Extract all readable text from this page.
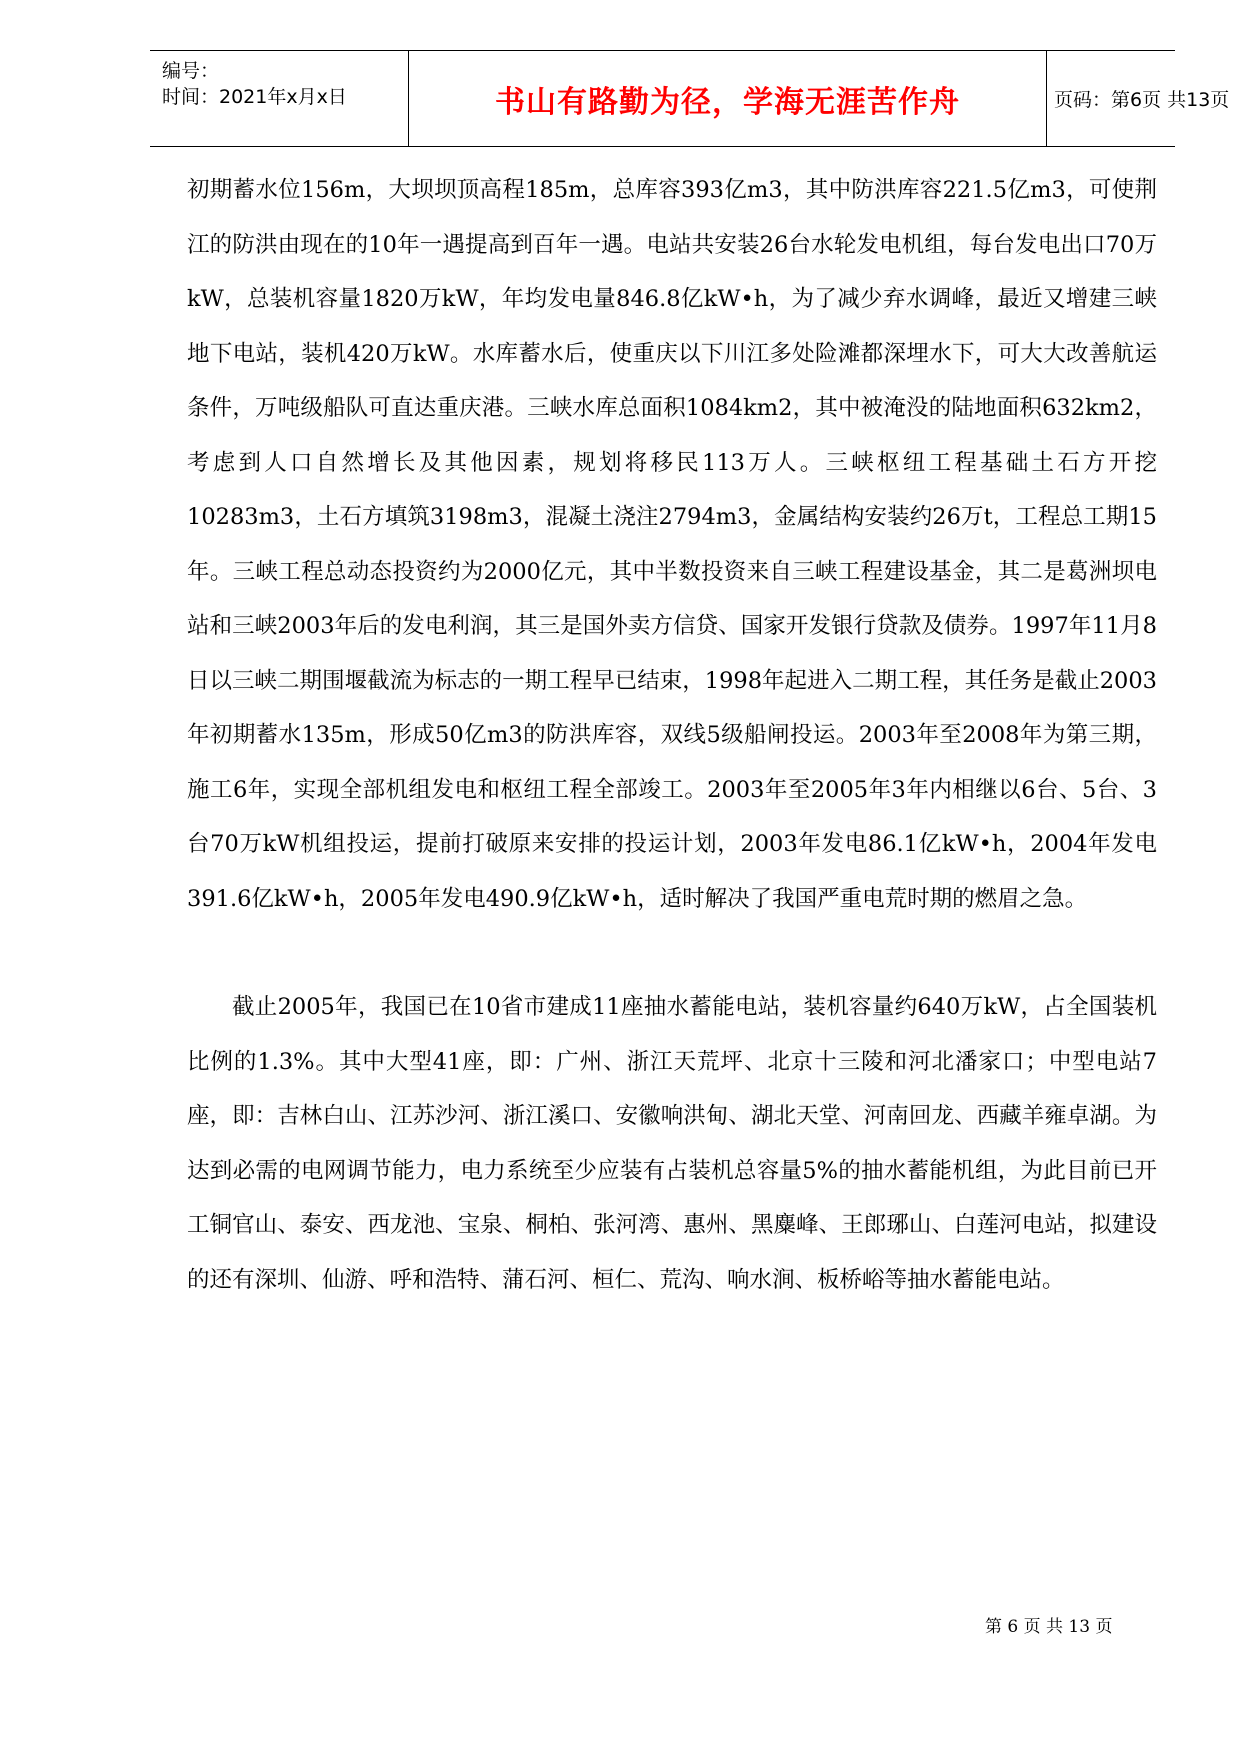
编号：
时间：2021年x月x日	书山有路勤为径，学海无涯苦作舟	页码：第6页 共13页

初期蓄水位156m，大坝坝顶高程185m，总库容393亿m3，其中防洪库容221.5亿m3，可使荆江的防洪由现在的10年一遇提高到百年一遇。电站共安装26台水轮发电机组，每台发电出口70万kW，总装机容量1820万kW，年均发电量846.8亿kW•h，为了减少弃水调峰，最近又增建三峡地下电站，装机420万kW。水库蓄水后，使重庆以下川江多处险滩都深埋水下，可大大改善航运条件，万吨级船队可直达重庆港。三峡水库总面积1084km2，其中被淹没的陆地面积632km2，考虑到人口自然增长及其他因素，规划将移民113万人。三峡枢纽工程基础土石方开挖10283m3，土石方填筑3198m3，混凝土浇注2794m3，金属结构安装约26万t，工程总工期15年。三峡工程总动态投资约为2000亿元，其中半数投资来自三峡工程建设基金，其二是葛洲坝电站和三峡2003年后的发电利润，其三是国外卖方信贷、国家开发银行贷款及债券。1997年11月8日以三峡二期围堰截流为标志的一期工程早已结束，1998年起进入二期工程，其任务是截止2003年初期蓄水135m，形成50亿m3的防洪库容，双线5级船闸投运。2003年至2008年为第三期，施工6年，实现全部机组发电和枢纽工程全部竣工。2003年至2005年3年内相继以6台、5台、3台70万kW机组投运，提前打破原来安排的投运计划，2003年发电86.1亿kW•h，2004年发电391.6亿kW•h，2005年发电490.9亿kW•h，适时解决了我国严重电荒时期的燃眉之急。

截止2005年，我国已在10省市建成11座抽水蓄能电站，装机容量约640万kW，占全国装机比例的1.3%。其中大型41座，即：广州、浙江天荒坪、北京十三陵和河北潘家口；中型电站7座，即：吉林白山、江苏沙河、浙江溪口、安徽响洪甸、湖北天堂、河南回龙、西藏羊雍卓湖。为达到必需的电网调节能力，电力系统至少应装有占装机总容量5%的抽水蓄能机组，为此目前已开工铜官山、泰安、西龙池、宝泉、桐柏、张河湾、惠州、黑麋峰、王郎琊山、白莲河电站，拟建设的还有深圳、仙游、呼和浩特、蒲石河、桓仁、荒沟、响水涧、板桥峪等抽水蓄能电站。

第 6 页 共 13 页
